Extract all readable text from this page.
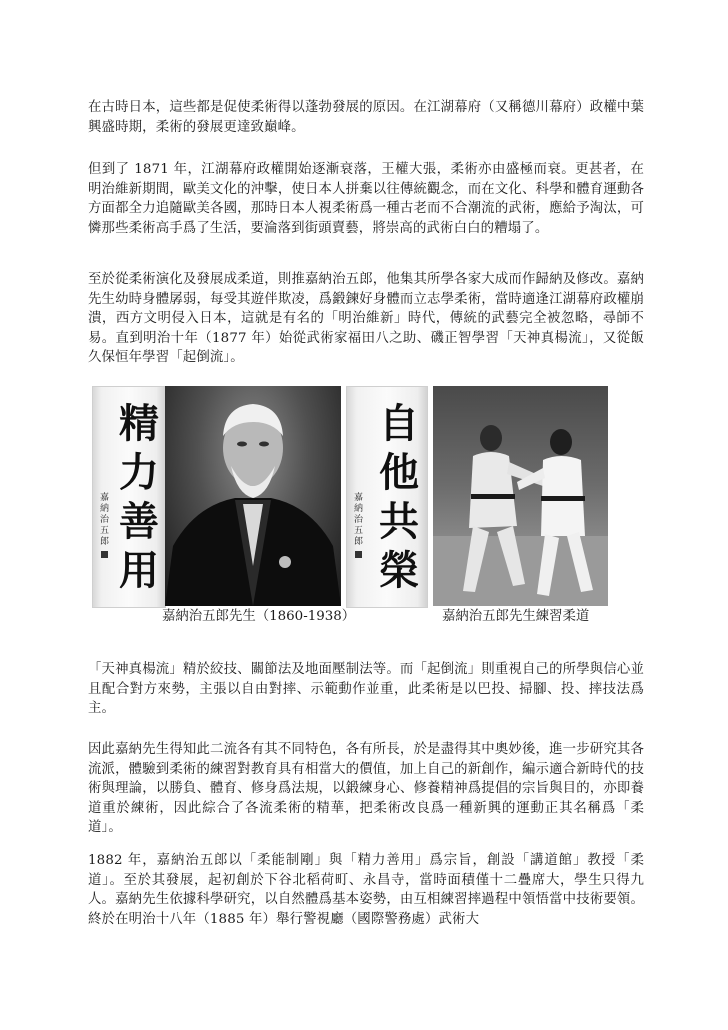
在古時日本，這些都是促使柔術得以蓬勃發展的原因。在江湖幕府（又稱德川幕府）政權中葉興盛時期，柔術的發展更達致巔峰。

但到了 1871 年，江湖幕府政權開始逐漸衰落，王權大張，柔術亦由盛極而衰。更甚者，在明治維新期間，歐美文化的沖擊，使日本人拼棄以往傳統觀念，而在文化、科學和體育運動各方面都全力追隨歐美各國，那時日本人視柔術爲一種古老而不合潮流的武術，應給予淘汰，可憐那些柔術高手爲了生活，要淪落到街頭賣藝，將崇高的武術白白的糟塌了。

至於從柔術演化及發展成柔道，則推嘉納治五郎，他集其所學各家大成而作歸納及修改。嘉納先生幼時身體孱弱，每受其遊伴欺凌，爲鍛鍊好身體而立志學柔術，當時適逢江湖幕府政權崩潰，西方文明侵入日本，這就是有名的「明治維新」時代，傳統的武藝完全被忽略，尋師不易。直到明治十年（1877 年）始從武術家福田八之助、磯正智學習「天神真楊流」，又從飯久保恒年學習「起倒流」。

精
力
善
用
嘉
納
治
五
郎
自
他
共
榮
嘉
納
治
五
郎
嘉納治五郎先生（1860-1938）	嘉納治五郎先生練習柔道

「天神真楊流」精於絞技、關節法及地面壓制法等。而「起倒流」則重視自己的所學與信心並且配合對方來勢，主張以自由對摔、示範動作並重，此柔術是以巴投、掃腳、投、摔技法爲主。

因此嘉納先生得知此二流各有其不同特色，各有所長，於是盡得其中奧妙後，進一步研究其各流派，體驗到柔術的練習對教育具有相當大的價值，加上自己的新創作，編示適合新時代的技術與理論，以勝負、體育、修身爲法規，以鍛練身心、修養精神爲提倡的宗旨與目的，亦即養道重於練術，因此綜合了各流柔術的精華，把柔術改良爲一種新興的運動正其名稱爲「柔道」。

1882 年，嘉納治五郎以「柔能制剛」與「精力善用」爲宗旨，創設「講道館」教授「柔道」。至於其發展，起初創於下谷北稻荷町、永昌寺，當時面積僅十二疊席大，學生只得九人。嘉納先生依據科學研究，以自然體爲基本姿勢，由互相練習摔過程中領悟當中技術要領。終於在明治十八年（1885 年）舉行警視廳（國際警務處）武術大
